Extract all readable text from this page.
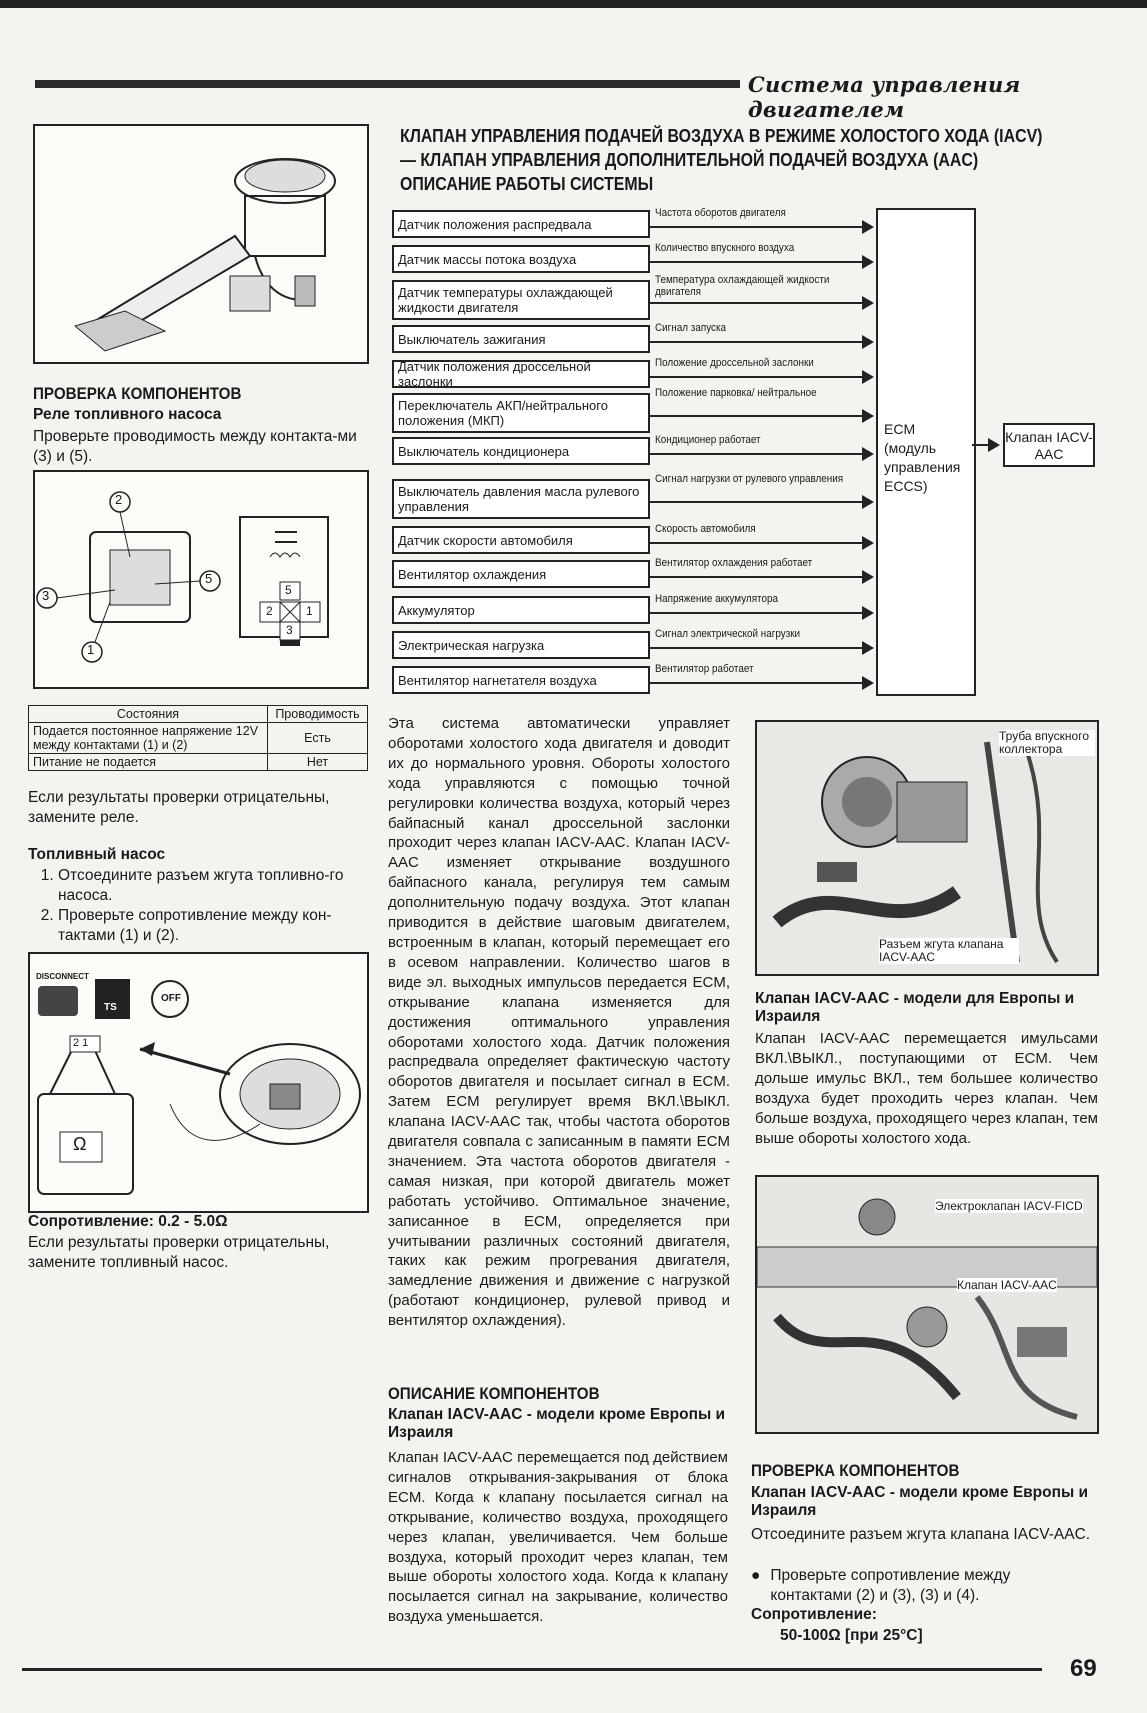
Система управления двигателем
ПРОВЕРКА КОМПОНЕНТОВ
Реле топливного насоса
Проверьте проводимость между контакта-ми (3) и (5).
2
3
5
1
5
2	1
3
Состояния	Проводимость
Подается постоянное напряжение 12V между контактами (1) и (2)	Есть
Питание не подается	Нет
Если результаты проверки отрицательны, замените реле.
Топливный насос
1. Отсоедините разъем жгута топливно-го насоса.
2. Проверьте сопротивление между кон-тактами (1) и (2).
DISCONNECT
TS
OFF
2 1
Ω
Сопротивление: 0.2 - 5.0Ω
Если результаты проверки отрицательны, замените топливный насос.
КЛАПАН УПРАВЛЕНИЯ ПОДАЧЕЙ ВОЗДУХА В РЕЖИМЕ ХОЛОСТОГО ХОДА (IACV)
— КЛАПАН УПРАВЛЕНИЯ ДОПОЛНИТЕЛЬНОЙ ПОДАЧЕЙ ВОЗДУХА (AAC)
ОПИСАНИЕ РАБОТЫ СИСТЕМЫ
Датчик положения распредвала
Частота оборотов двигателя
Датчик массы потока воздуха
Количество впускного воздуха
Датчик температуры охлаждающей жидкости двигателя
Температура охлаждающей жидкости двигателя
Выключатель зажигания
Сигнал запуска
Датчик положения дроссельной заслонки
Положение дроссельной заслонки
Переключатель АКП/нейтрального положения (МКП)
Положение парковка/ нейтральное
Выключатель кондиционера
Кондиционер работает
Выключатель давления масла рулевого управления
Сигнал нагрузки от рулевого управления
Датчик скорости автомобиля
Скорость автомобиля
Вентилятор охлаждения
Вентилятор охлаждения работает
Аккумулятор
Напряжение аккумулятора
Электрическая нагрузка
Сигнал электрической нагрузки
Вентилятор нагнетателя воздуха
Вентилятор работает
ECM (модуль управления ECCS)
Клапан IACV-AAC
Эта система автоматически управляет оборотами холостого хода двигателя и доводит их до нормального уровня. Обороты холостого хода управляются с помощью точной регулировки количества воздуха, который через байпасный канал дроссельной заслонки проходит через клапан IACV-AAC. Клапан IACV-AAC изменяет открывание воздушного байпасного канала, регулируя тем самым дополнительную подачу воздуха. Этот клапан приводится в действие шаговым двигателем, встроенным в клапан, который перемещает его в осевом направлении. Количество шагов в виде эл. выходных импульсов передается ECM, открывание клапана изменяется для достижения оптимального управления оборотами холостого хода. Датчик положения распредвала определяет фактическую частоту оборотов двигателя и посылает сигнал в ECM. Затем ECM регулирует время ВКЛ.\ВЫКЛ. клапана IACV-AAC так, чтобы частота оборотов двигателя совпала с записанным в памяти ECM значением. Эта частота оборотов двигателя - самая низкая, при которой двигатель может работать устойчиво. Оптимальное значение, записанное в ECM, определяется при учитывании различных состояний двигателя, таких как режим прогревания двигателя, замедление движения и движение с нагрузкой (работают кондиционер, рулевой привод и вентилятор охлаждения).
ОПИСАНИЕ КОМПОНЕНТОВ
Клапан IACV-AAC - модели кроме Европы и Израиля
Клапан IACV-AAC перемещается под действием сигналов открывания-закрывания от блока ECM. Когда к клапану посылается сигнал на открывание, количество воздуха, проходящего через клапан, увеличивается. Чем больше воздуха, который проходит через клапан, тем выше обороты холостого хода. Когда к клапану посылается сигнал на закрывание, количество воздуха уменьшается.
Труба впускного коллектора
Разъем жгута клапана IACV-AAC
Клапан IACV-AAC - модели для Европы и Израиля
Клапан IACV-AAC перемещается имульсами ВКЛ.\ВЫКЛ., поступающими от ECM. Чем дольше имульс ВКЛ., тем большее количество воздуха будет проходить через клапан. Чем больше воздуха, проходящего через клапан, тем выше обороты холостого хода.
Электроклапан IACV-FICD
Клапан IACV-AAC
ПРОВЕРКА КОМПОНЕНТОВ
Клапан IACV-AAC - модели кроме Европы и Израиля
Отсоедините разъем жгута клапана IACV-AAC.
● Проверьте сопротивление между контактами (2) и (3), (3) и (4).
Сопротивление:
50-100Ω [при 25°С]
69
